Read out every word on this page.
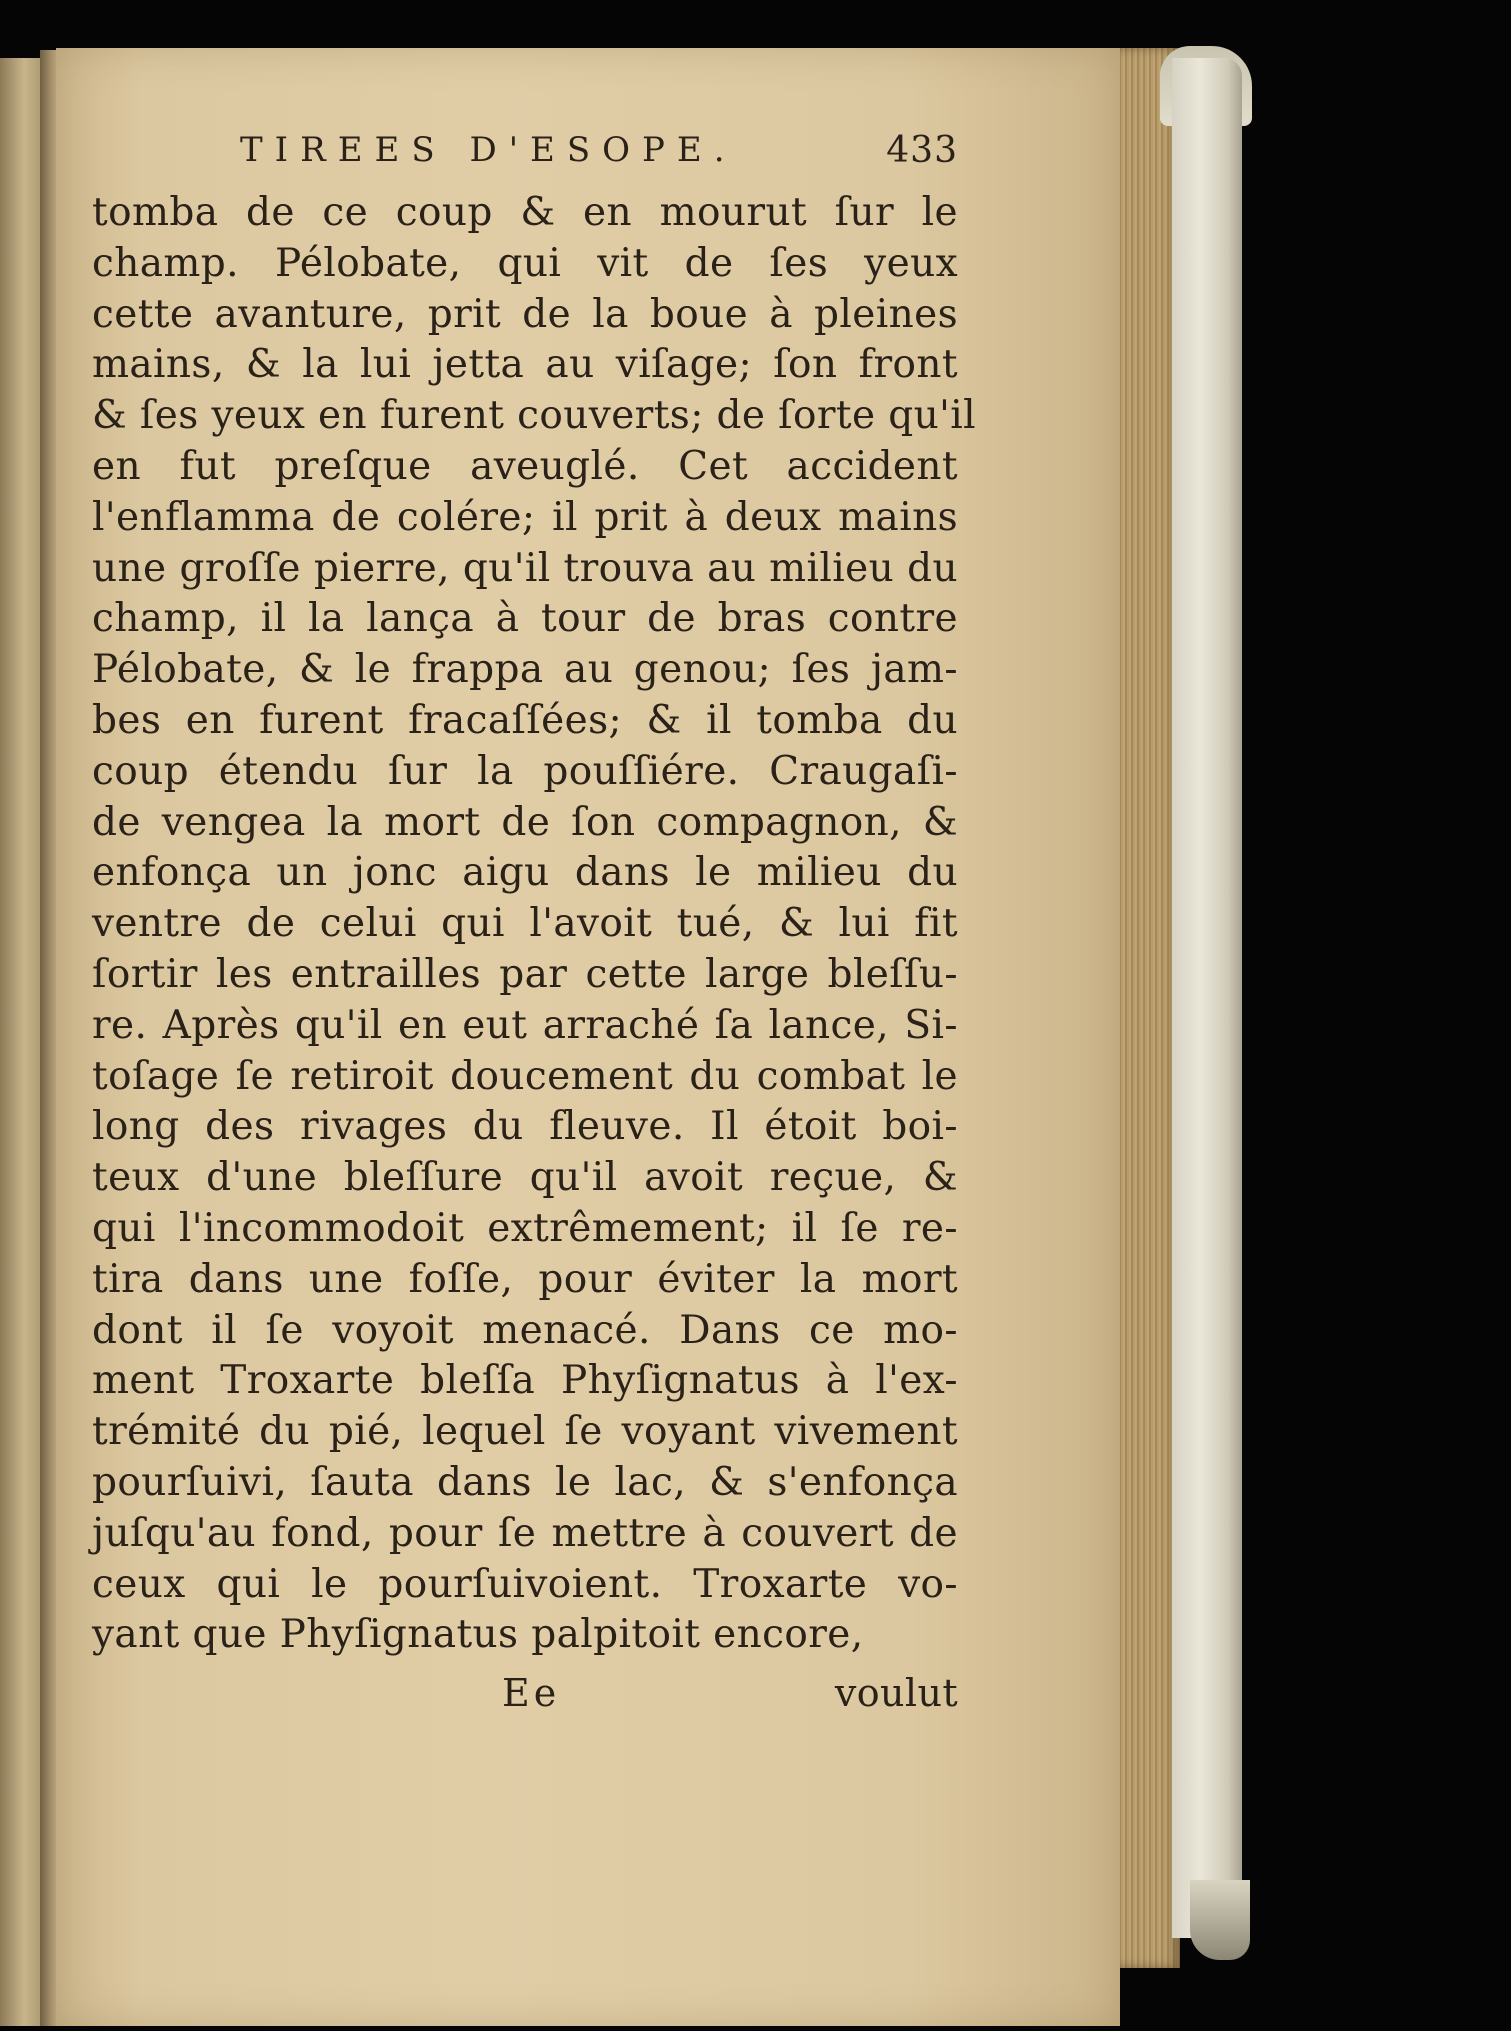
TIREES D'ESOPE.	433
tomba de ce coup & en mourut ſur le
champ. Pélobate, qui vit de ſes yeux
cette avanture, prit de la boue à pleines
mains, & la lui jetta au viſage; ſon front
& ſes yeux en furent couverts; de ſorte qu'il
en fut preſque aveuglé. Cet accident
l'enflamma de colére; il prit à deux mains
une groſſe pierre, qu'il trouva au milieu du
champ, il la lança à tour de bras contre
Pélobate, & le frappa au genou; ſes jam-
bes en furent fracaſſées; & il tomba du
coup étendu ſur la pouſſiére. Craugaſi-
de vengea la mort de ſon compagnon, &
enfonça un jonc aigu dans le milieu du
ventre de celui qui l'avoit tué, & lui fit
ſortir les entrailles par cette large bleſſu-
re. Après qu'il en eut arraché ſa lance, Si-
toſage ſe retiroit doucement du combat le
long des rivages du fleuve. Il étoit boi-
teux d'une bleſſure qu'il avoit reçue, &
qui l'incommodoit extrêmement; il ſe re-
tira dans une foſſe, pour éviter la mort
dont il ſe voyoit menacé. Dans ce mo-
ment Troxarte bleſſa Phyſignatus à l'ex-
trémité du pié, lequel ſe voyant vivement
pourſuivi, ſauta dans le lac, & s'enfonça
juſqu'au fond, pour ſe mettre à couvert de
ceux qui le pourſuivoient. Troxarte vo-
yant que Phyſignatus palpitoit encore,
Ee	voulut
